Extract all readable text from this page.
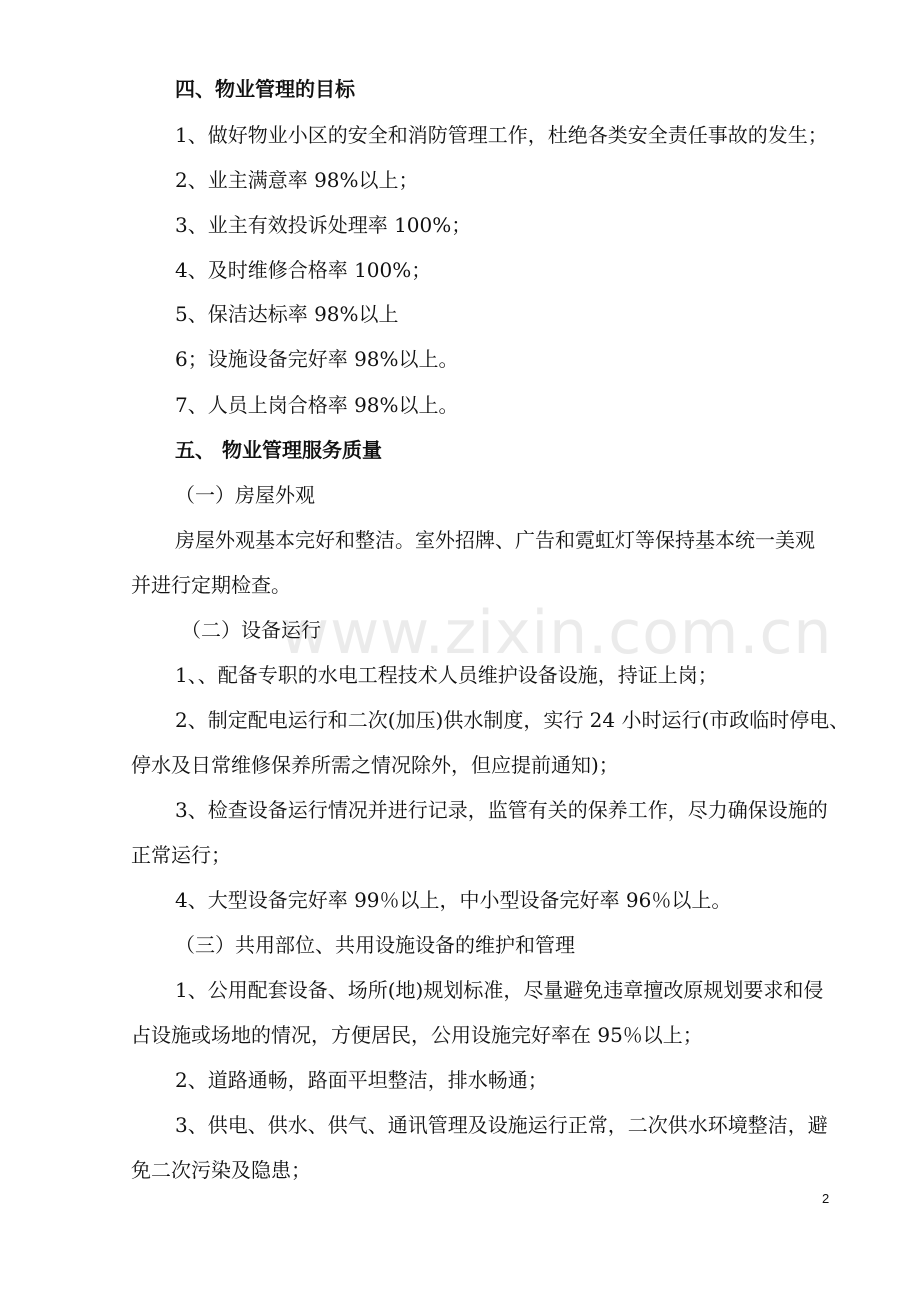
www.zixin.com.cn
四、物业管理的目标
1、做好物业小区的安全和消防管理工作，杜绝各类安全责任事故的发生；
2、业主满意率 98%以上；
3、业主有效投诉处理率 100%；
4、及时维修合格率 100%；
5、保洁达标率 98%以上
6；设施设备完好率 98%以上。
7、人员上岗合格率 98%以上。
五、 物业管理服务质量
（一）房屋外观
房屋外观基本完好和整洁。室外招牌、广告和霓虹灯等保持基本统一美观
并进行定期检查。
（二）设备运行
1、、配备专职的水电工程技术人员维护设备设施，持证上岗；
2、制定配电运行和二次(加压)供水制度，实行 24 小时运行(市政临时停电、
停水及日常维修保养所需之情况除外，但应提前通知)；
3、检查设备运行情况并进行记录，监管有关的保养工作，尽力确保设施的
正常运行；
4、大型设备完好率 99％以上，中小型设备完好率 96％以上。
（三）共用部位、共用设施设备的维护和管理
1、公用配套设备、场所(地)规划标准，尽量避免违章擅改原规划要求和侵
占设施或场地的情况，方便居民，公用设施完好率在 95％以上；
2、道路通畅，路面平坦整洁，排水畅通；
3、供电、供水、供气、通讯管理及设施运行正常，二次供水环境整洁，避
免二次污染及隐患；
2
